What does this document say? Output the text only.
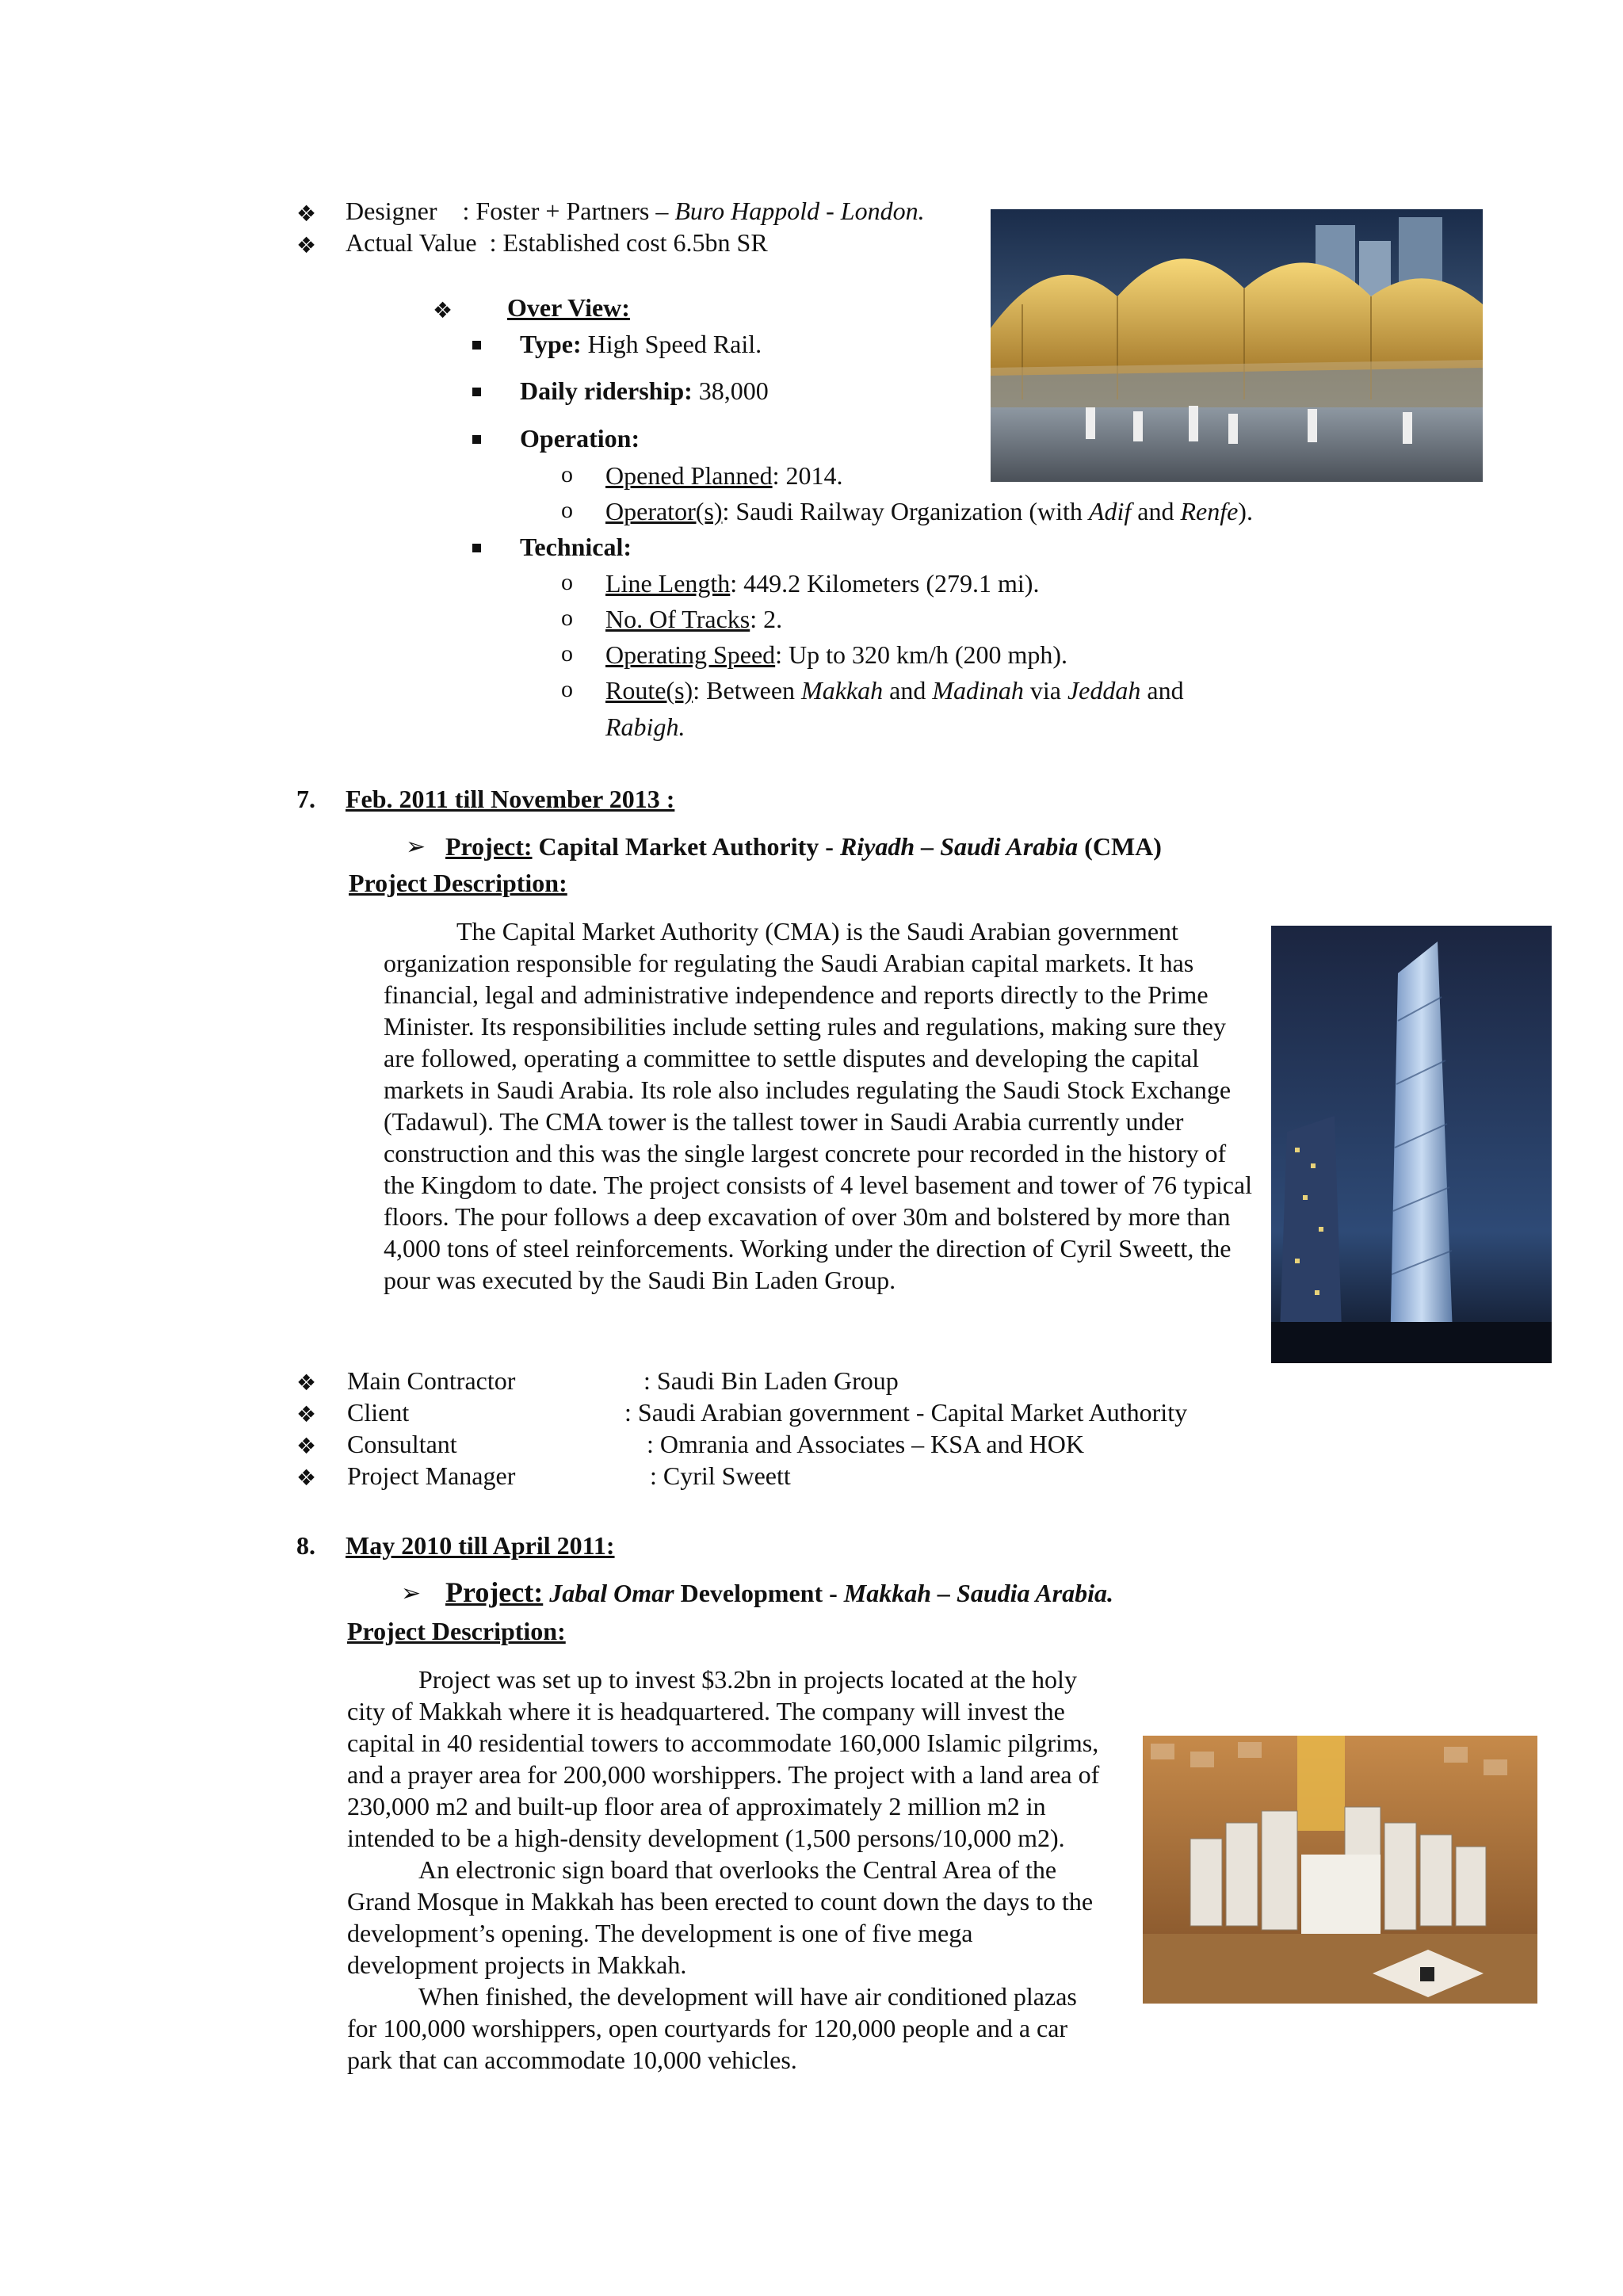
❖ Designer : Foster + Partners – Buro Happold - London.
❖ Actual Value : Established cost 6.5bn SR
❖ Over View:
Type: High Speed Rail.
Daily ridership: 38,000
Operation:
o Opened Planned: 2014.
o Operator(s): Saudi Railway Organization (with Adif and Renfe).
Technical:
o Line Length: 449.2 Kilometers (279.1 mi).
o No. Of Tracks: 2.
o Operating Speed: Up to 320 km/h (200 mph).
o Route(s): Between Makkah and Madinah via Jeddah and
Rabigh.
7. Feb. 2011 till November 2013 :
➢ Project: Capital Market Authority - Riyadh – Saudi Arabia (CMA)
Project Description:

The Capital Market Authority (CMA) is the Saudi Arabian government organization responsible for regulating the Saudi Arabian capital markets. It has financial, legal and administrative independence and reports directly to the Prime Minister. Its responsibilities include setting rules and regulations, making sure they are followed, operating a committee to settle disputes and developing the capital markets in Saudi Arabia. Its role also includes regulating the Saudi Stock Exchange (Tadawul). The CMA tower is the tallest tower in Saudi Arabia currently under construction and this was the single largest concrete pour recorded in the history of the Kingdom to date. The project consists of 4 level basement and tower of 76 typical floors. The pour follows a deep excavation of over 30m and bolstered by more than 4,000 tons of steel reinforcements. Working under the direction of Cyril Sweett, the pour was executed by the Saudi Bin Laden Group.

❖ Main Contractor	: Saudi Bin Laden Group
❖ Client	: Saudi Arabian government - Capital Market Authority
❖ Consultant	: Omrania and Associates – KSA and HOK
❖ Project Manager	: Cyril Sweett
8. May 2010 till April 2011:
➢ Project: Jabal Omar Development - Makkah – Saudia Arabia.
Project Description:

Project was set up to invest $3.2bn in projects located at the holy city of Makkah where it is headquartered. The company will invest the capital in 40 residential towers to accommodate 160,000 Islamic pilgrims, and a prayer area for 200,000 worshippers. The project with a land area of 230,000 m2 and built-up floor area of approximately 2 million m2 in intended to be a high-density development (1,500 persons/10,000 m2).

An electronic sign board that overlooks the Central Area of the Grand Mosque in Makkah has been erected to count down the days to the development’s opening. The development is one of five mega development projects in Makkah.

When finished, the development will have air conditioned plazas for 100,000 worshippers, open courtyards for 120,000 people and a car park that can accommodate 10,000 vehicles.
